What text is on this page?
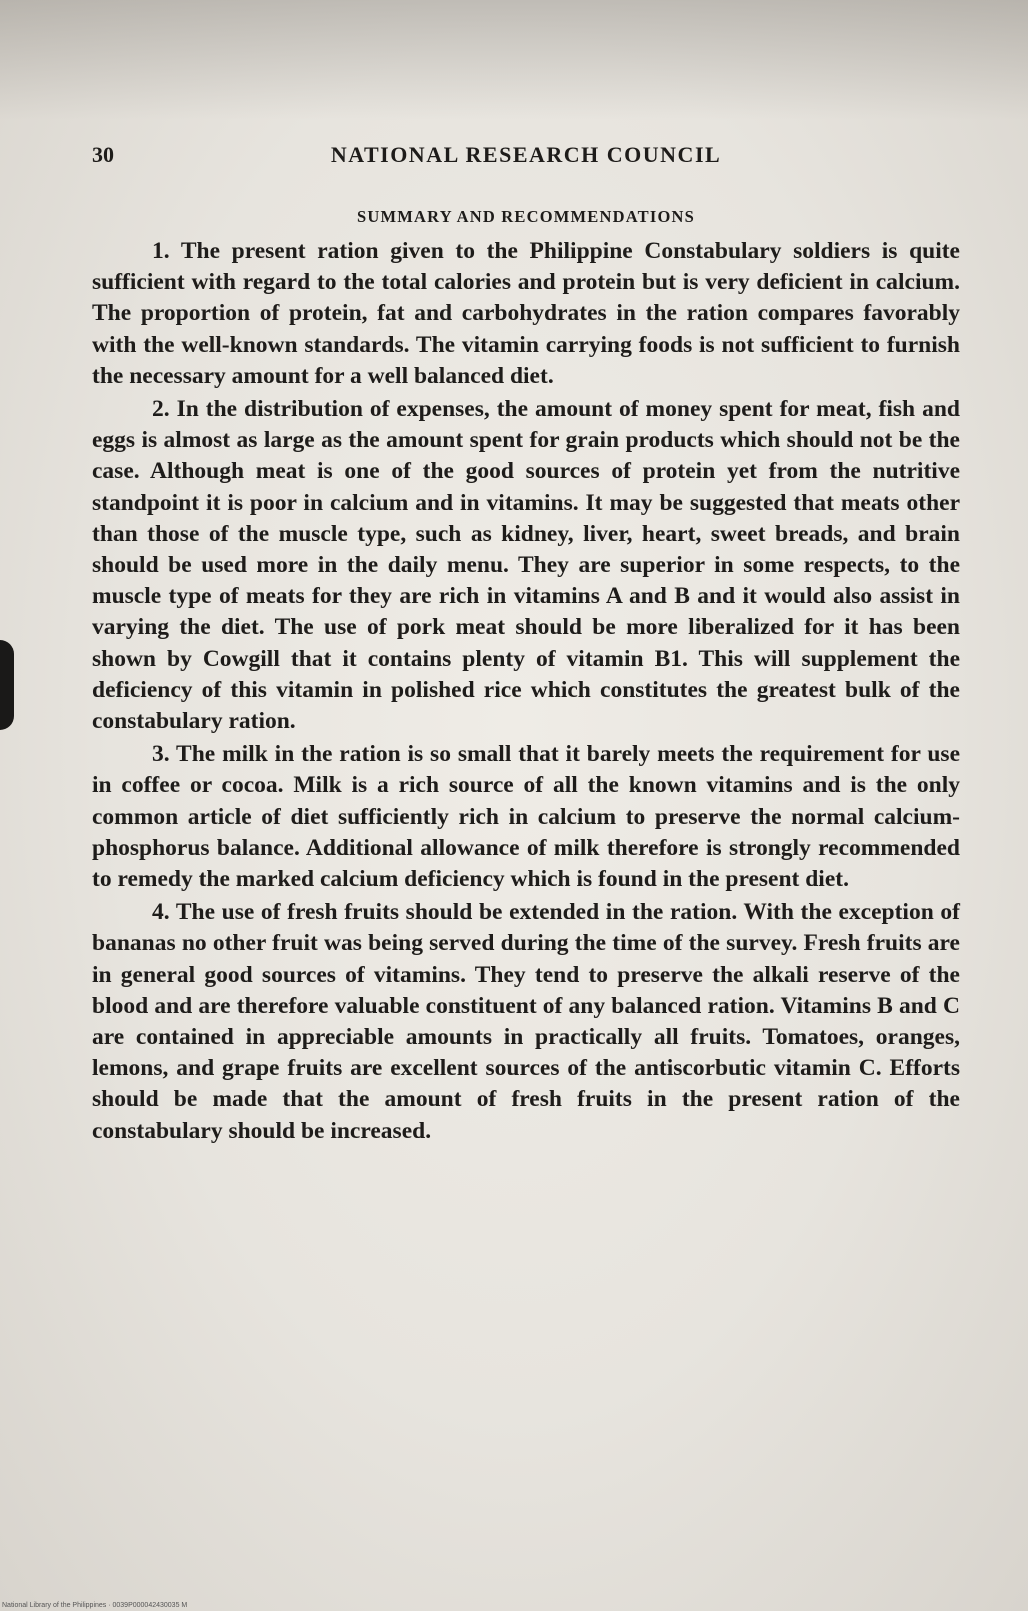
30	NATIONAL RESEARCH COUNCIL
SUMMARY AND RECOMMENDATIONS

1. The present ration given to the Philippine Constabulary soldiers is quite sufficient with regard to the total calories and protein but is very deficient in calcium. The proportion of protein, fat and carbohydrates in the ration compares favorably with the well-known standards. The vitamin carrying foods is not sufficient to furnish the necessary amount for a well balanced diet.

2. In the distribution of expenses, the amount of money spent for meat, fish and eggs is almost as large as the amount spent for grain products which should not be the case. Although meat is one of the good sources of protein yet from the nutritive standpoint it is poor in calcium and in vitamins. It may be suggested that meats other than those of the muscle type, such as kidney, liver, heart, sweet breads, and brain should be used more in the daily menu. They are superior in some respects, to the muscle type of meats for they are rich in vitamins A and B and it would also assist in varying the diet. The use of pork meat should be more liberalized for it has been shown by Cowgill that it contains plenty of vitamin B1. This will supplement the deficiency of this vitamin in polished rice which constitutes the greatest bulk of the constabulary ration.

3. The milk in the ration is so small that it barely meets the requirement for use in coffee or cocoa. Milk is a rich source of all the known vitamins and is the only common article of diet sufficiently rich in calcium to preserve the normal calcium-phosphorus balance. Additional allowance of milk therefore is strongly recommended to remedy the marked calcium deficiency which is found in the present diet.

4. The use of fresh fruits should be extended in the ration. With the exception of bananas no other fruit was being served during the time of the survey. Fresh fruits are in general good sources of vitamins. They tend to preserve the alkali reserve of the blood and are therefore valuable constituent of any balanced ration. Vitamins B and C are contained in appreciable amounts in practically all fruits. Tomatoes, oranges, lemons, and grape fruits are excellent sources of the antiscorbutic vitamin C. Efforts should be made that the amount of fresh fruits in the present ration of the constabulary should be increased.

National Library of the Philippines · 0039P000042430035 M
